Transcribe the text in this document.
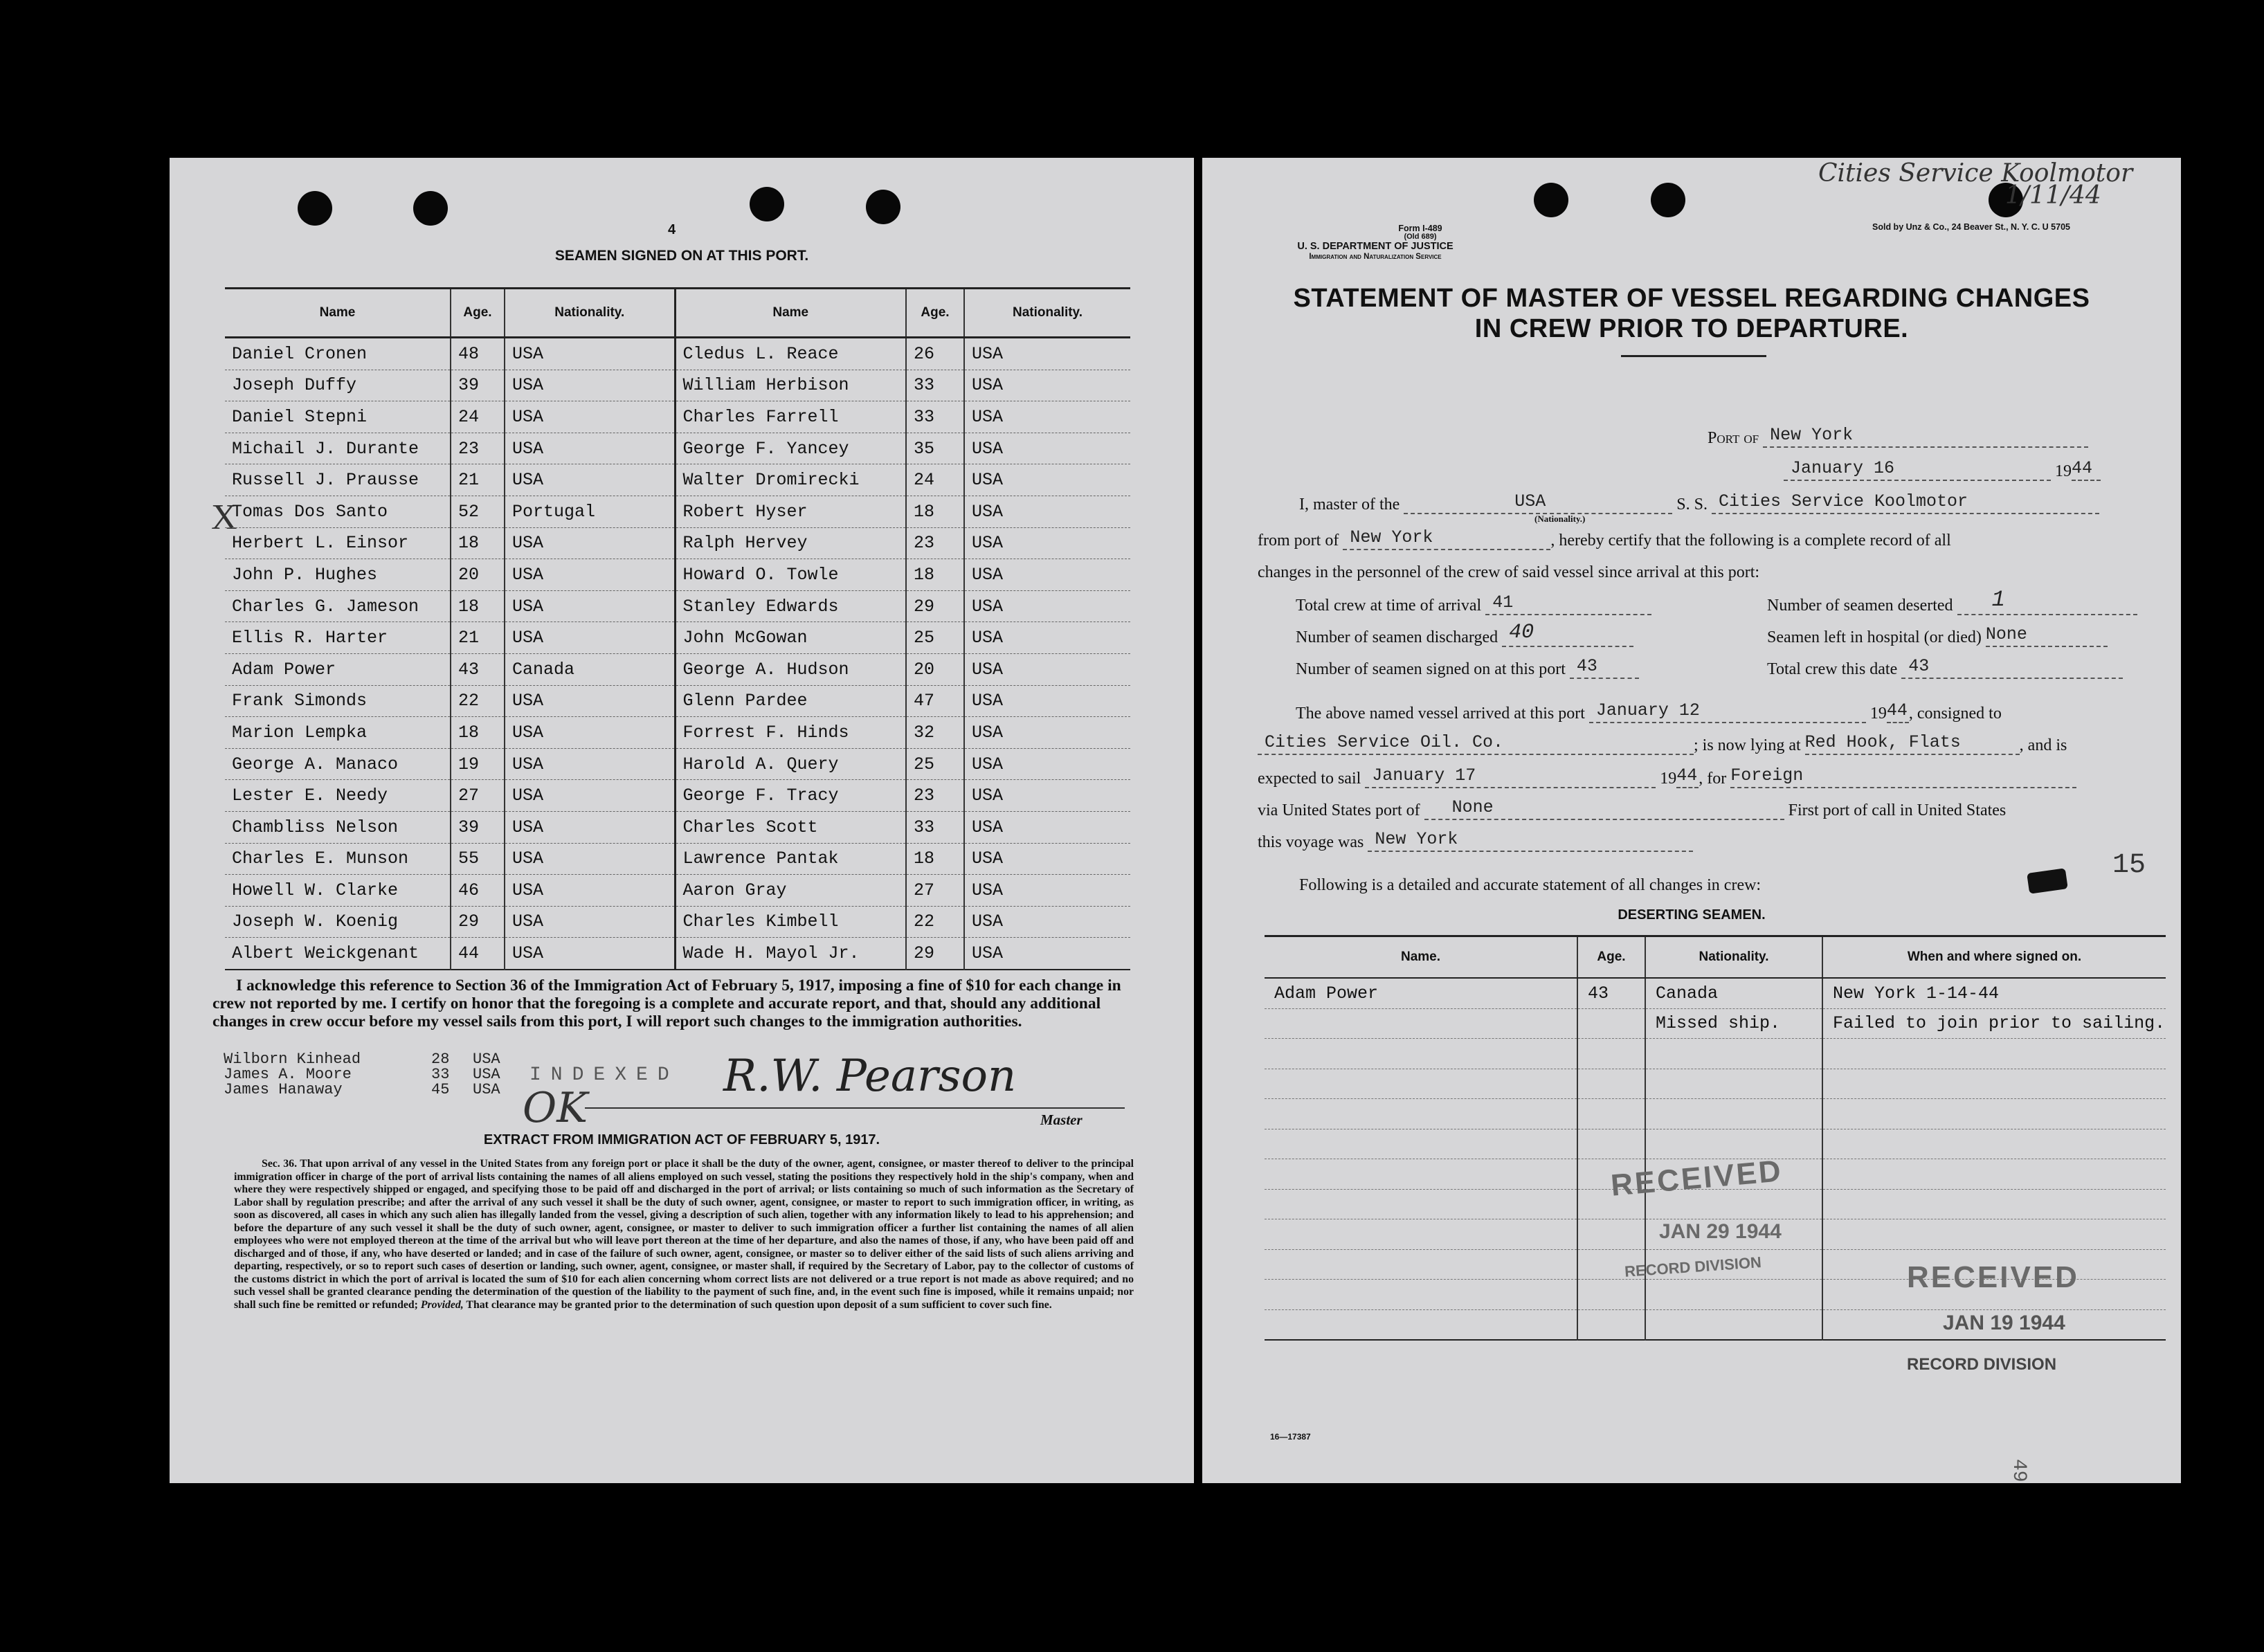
4
SEAMEN SIGNED ON AT THIS PORT.
X
Name	Age.	Nationality.	Name	Age.	Nationality.
Daniel Cronen	48	USA	Cledus L. Reace	26	USA
Joseph Duffy	39	USA	William Herbison	33	USA
Daniel Stepni	24	USA	Charles Farrell	33	USA
Michail J. Durante	23	USA	George F. Yancey	35	USA
Russell J. Prausse	21	USA	Walter Dromirecki	24	USA
Tomas Dos Santo	52	Portugal	Robert Hyser	18	USA
Herbert L. Einsor	18	USA	Ralph Hervey	23	USA
John P. Hughes	20	USA	Howard O. Towle	18	USA
Charles G. Jameson	18	USA	Stanley Edwards	29	USA
Ellis R. Harter	21	USA	John McGowan	25	USA
Adam Power	43	Canada	George A. Hudson	20	USA
Frank Simonds	22	USA	Glenn Pardee	47	USA
Marion Lempka	18	USA	Forrest F. Hinds	32	USA
George A. Manaco	19	USA	Harold A. Query	25	USA
Lester E. Needy	27	USA	George F. Tracy	23	USA
Chambliss Nelson	39	USA	Charles Scott	33	USA
Charles E. Munson	55	USA	Lawrence Pantak	18	USA
Howell W. Clarke	46	USA	Aaron Gray	27	USA
Joseph W. Koenig	29	USA	Charles Kimbell	22	USA
Albert Weickgenant	44	USA	Wade H. Mayol Jr.	29	USA
I acknowledge this reference to Section 36 of the Immigration Act of February 5, 1917, imposing a fine of $10 for each change in crew not reported by me. I certify on honor that the foregoing is a complete and accurate report, and that, should any additional changes in crew occur before my vessel sails from this port, I will report such changes to the immigration authorities.
Wilborn Kinhead	28 USA
James A. Moore	33 USA
James Hanaway	45 USA
INDEXED
OK
R.W. Pearson
Master
EXTRACT FROM IMMIGRATION ACT OF FEBRUARY 5, 1917.
Sec. 36. That upon arrival of any vessel in the United States from any foreign port or place it shall be the duty of the owner, agent, consignee, or master thereof to deliver to the principal immigration officer in charge of the port of arrival lists containing the names of all aliens employed on such vessel, stating the positions they respectively hold in the ship's company, when and where they were respectively shipped or engaged, and specifying those to be paid off and discharged in the port of arrival; or lists containing so much of such information as the Secretary of Labor shall by regulation prescribe; and after the arrival of any such vessel it shall be the duty of such owner, agent, consignee, or master to report to such immigration officer, in writing, as soon as discovered, all cases in which any such alien has illegally landed from the vessel, giving a description of such alien, together with any information likely to lead to his apprehension; and before the departure of any such vessel it shall be the duty of such owner, agent, consignee, or master to deliver to such immigration officer a further list containing the names of all alien employees who were not employed thereon at the time of the arrival but who will leave port thereon at the time of her departure, and also the names of those, if any, who have been paid off and discharged and of those, if any, who have deserted or landed; and in case of the failure of such owner, agent, consignee, or master so to deliver either of the said lists of such aliens arriving and departing, respectively, or so to report such cases of desertion or landing, such owner, agent, consignee, or master shall, if required by the Secretary of Labor, pay to the collector of customs of the customs district in which the port of arrival is located the sum of $10 for each alien concerning whom correct lists are not delivered or a true report is not made as above required; and no such vessel shall be granted clearance pending the determination of the question of the liability to the payment of such fine, and, in the event such fine is imposed, while it remains unpaid; nor shall such fine be remitted or refunded; Provided, That clearance may be granted prior to the determination of such question upon deposit of a sum sufficient to cover such fine.
Cities Service Koolmotor
1/11/44
Form I-489
(Old 689)
U. S. DEPARTMENT OF JUSTICE
Immigration and Naturalization Service
Sold by Unz & Co., 24 Beaver St., N. Y. C. U 5705
STATEMENT OF MASTER OF VESSEL REGARDING CHANGES
IN CREW PRIOR TO DEPARTURE.
Port of New York
January 16	19 44
I, master of the	USA	S. S. Cities Service Koolmotor
(Nationality.)
from port of New York	, hereby certify that the following is a complete record of all
changes in the personnel of the crew of said vessel since arrival at this port:
Total crew at time of arrival 41	Number of seamen deserted 1
Number of seamen discharged 40	Seamen left in hospital (or died) None
Number of seamen signed on at this port 43	Total crew this date 43
The above named vessel arrived at this port January 12	19 44 , consigned to
Cities Service Oil. Co.	; is now lying at Red Hook, Flats	, and is
expected to sail January 17	19 44 , for Foreign
via United States port of None	First port of call in United States
this voyage was New York
Following is a detailed and accurate statement of all changes in crew:
15
DESERTING SEAMEN.
Name.	Age.	Nationality.	When and where signed on.
Adam Power	43	Canada	New York 1-14-44
		Missed ship.	Failed to join prior to sailing.

RECEIVED
JAN 29 1944
RECORD DIVISION	RECEIVED
JAN 19 1944
RECORD DIVISION
16—17387
49
